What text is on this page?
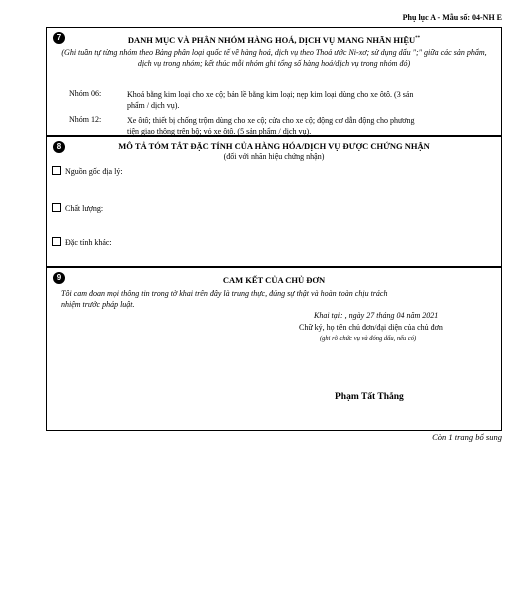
Phụ lục A - Mẫu số: 04-NH E
7	DANH MỤC VÀ PHÂN NHÓM HÀNG HOÁ, DỊCH VỤ MANG NHÃN HIỆU**
(Ghi tuần tự từng nhóm theo Bảng phân loại quốc tế về hàng hoá, dịch vụ theo Thoả ước Ni-xơ; sử dụng dấu ";" giữa các sản phẩm, dịch vụ trong nhóm; kết thúc mỗi nhóm ghi tổng số hàng hoá/dịch vụ trong nhóm đó)
Nhóm 06:	Khoá bằng kim loại cho xe cộ; bản lề bằng kim loại; nẹp kim loại dùng cho xe ôtô. (3 sản
phẩm / dịch vụ).
Nhóm 12:	Xe ôtô; thiết bị chống trộm dùng cho xe cộ; cửa cho xe cộ; động cơ dẫn động cho phương
tiện giao thông trên bộ; vỏ xe ôtô. (5 sản phẩm / dịch vụ).
8	MÔ TẢ TÓM TẮT ĐẶC TÍNH CỦA HÀNG HÓA/DỊCH VỤ ĐƯỢC CHỨNG NHẬN
(đối với nhãn hiệu chứng nhận)
Nguồn gốc địa lý:
Chất lượng:
Đặc tính khác:
9	CAM KẾT CỦA CHỦ ĐƠN
Tôi cam đoan mọi thông tin trong tờ khai trên đây là trung thực, đúng sự thật và hoàn toàn chịu trách
nhiệm trước pháp luật.
Khai tại: , ngày 27 tháng 04 năm 2021
Chữ ký, họ tên chủ đơn/đại diện của chủ đơn
(ghi rõ chức vụ và đóng dấu, nếu có)
Phạm Tất Thắng
Còn 1 trang bổ sung
